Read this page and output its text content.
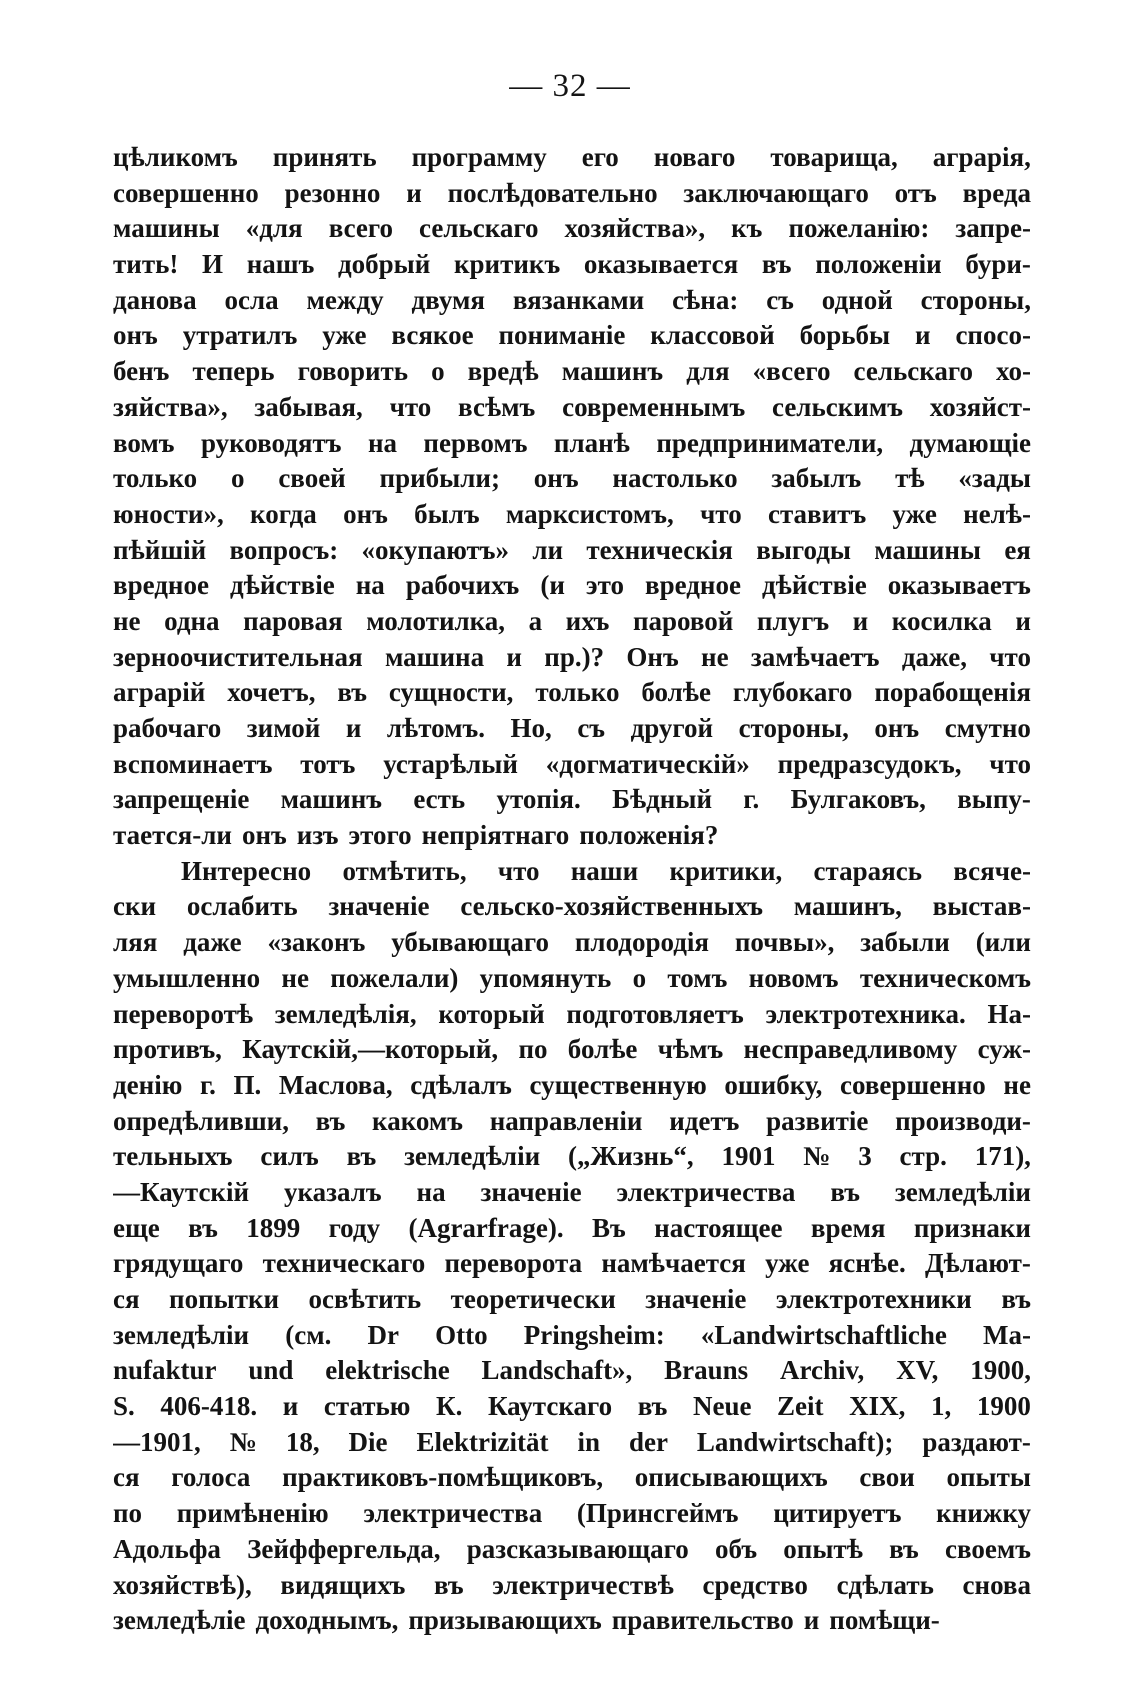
— 32 —
цѣликомъ принять программу его новаго товарища, аграрія,
совершенно резонно и послѣдовательно заключающаго отъ вреда
машины «для всего сельскаго хозяйства», къ пожеланію: запре-
тить! И нашъ добрый критикъ оказывается въ положеніи бури-
данова осла между двумя вязанками сѣна: съ одной стороны,
онъ утратилъ уже всякое пониманіе классовой борьбы и спосо-
бенъ теперь говорить о вредѣ машинъ для «всего сельскаго хо-
зяйства», забывая, что всѣмъ современнымъ сельскимъ хозяйст-
вомъ руководятъ на первомъ планѣ предприниматели, думающіе
только о своей прибыли; онъ настолько забылъ тѣ «зады
юности», когда онъ былъ марксистомъ, что ставитъ уже нелѣ-
пѣйшій вопросъ: «окупаютъ» ли техническія выгоды машины ея
вредное дѣйствіе на рабочихъ (и это вредное дѣйствіе оказываетъ
не одна паровая молотилка, а ихъ паровой плугъ и косилка и
зерноочистительная машина и пр.)? Онъ не замѣчаетъ даже, что
аграрій хочетъ, въ сущности, только болѣе глубокаго порабощенія
рабочаго зимой и лѣтомъ. Но, съ другой стороны, онъ смутно
вспоминаетъ тотъ устарѣлый «догматическій» предразсудокъ, что
запрещеніе машинъ есть утопія. Бѣдный г. Булгаковъ, выпу-
тается-ли онъ изъ этого непріятнаго положенія?
Интересно отмѣтить, что наши критики, стараясь всяче-
ски ослабить значеніе сельско-хозяйственныхъ машинъ, выстав-
ляя даже «законъ убывающаго плодородія почвы», забыли (или
умышленно не пожелали) упомянуть о томъ новомъ техническомъ
переворотѣ земледѣлія, который подготовляетъ электротехника. На-
противъ, Каутскій,—который, по болѣе чѣмъ несправедливому суж-
денію г. П. Маслова, сдѣлалъ существенную ошибку, совершенно не
опредѣливши, въ какомъ направленіи идетъ развитіе производи-
тельныхъ силъ въ земледѣліи („Жизнь“, 1901 № 3 стр. 171),
—Каутскій указалъ на значеніе электричества въ земледѣліи
еще въ 1899 году (Agrarfrage). Въ настоящее время признаки
грядущаго техническаго переворота намѣчается уже яснѣе. Дѣлают-
ся попытки освѣтить теоретически значеніе электротехники въ
земледѣліи (см. Dr Otto Pringsheim: «Landwirtschaftliche Ma-
nufaktur und elektrische Landschaft», Brauns Archiv, XV, 1900,
S. 406-418. и статью К. Каутскаго въ Neue Zeit XIX, 1, 1900
—1901, № 18, Die Elektrizität in der Landwirtschaft); раздают-
ся голоса практиковъ-помѣщиковъ, описывающихъ свои опыты
по примѣненію электричества (Принсгеймъ цитируетъ книжку
Адольфа Зейффергельда, разсказывающаго объ опытѣ въ своемъ
хозяйствѣ), видящихъ въ электричествѣ средство сдѣлать снова
земледѣліе доходнымъ, призывающихъ правительство и помѣщи-
